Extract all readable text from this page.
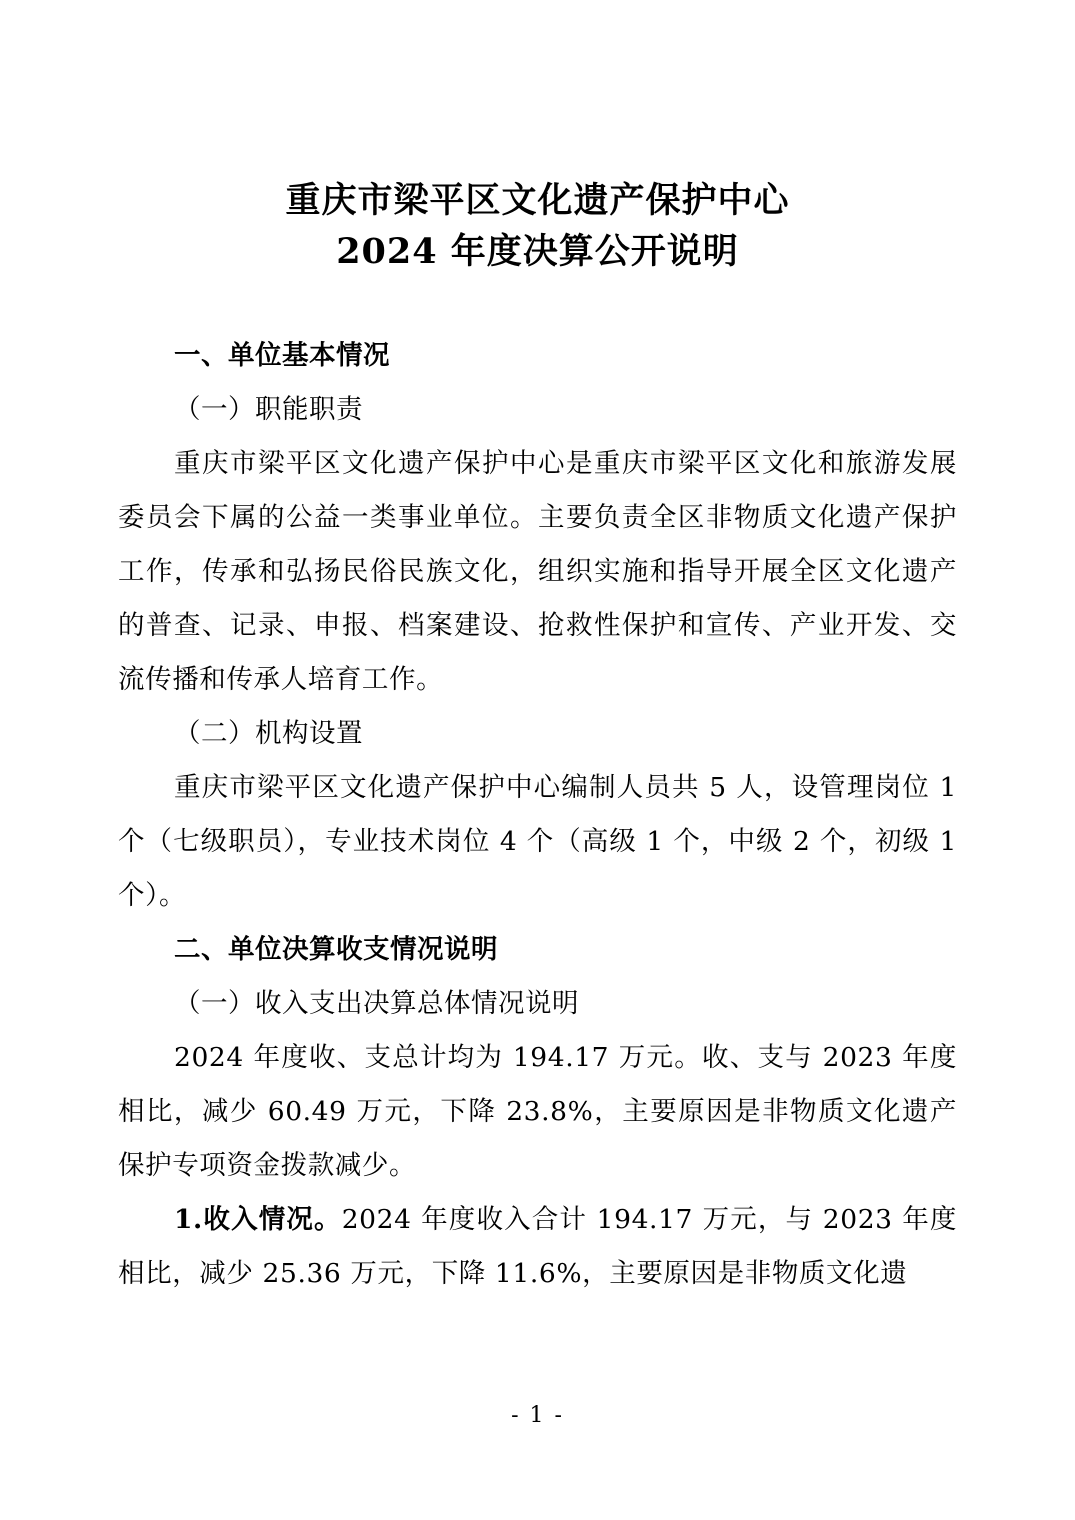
重庆市梁平区文化遗产保护中心
2024 年度决算公开说明
一、单位基本情况
（一）职能职责

重庆市梁平区文化遗产保护中心是重庆市梁平区文化和旅游发展委员会下属的公益一类事业单位。主要负责全区非物质文化遗产保护工作，传承和弘扬民俗民族文化，组织实施和指导开展全区文化遗产的普查、记录、申报、档案建设、抢救性保护和宣传、产业开发、交流传播和传承人培育工作。

（二）机构设置

重庆市梁平区文化遗产保护中心编制人员共 5 人，设管理岗位 1 个（七级职员），专业技术岗位 4 个（高级 1 个，中级 2 个，初级 1 个）。

二、单位决算收支情况说明
（一）收入支出决算总体情况说明

2024 年度收、支总计均为 194.17 万元。收、支与 2023 年度相比，减少 60.49 万元，下降 23.8%，主要原因是非物质文化遗产保护专项资金拨款减少。

1.收入情况。2024 年度收入合计 194.17 万元，与 2023 年度相比，减少 25.36 万元，下降 11.6%，主要原因是非物质文化遗

- 1 -
